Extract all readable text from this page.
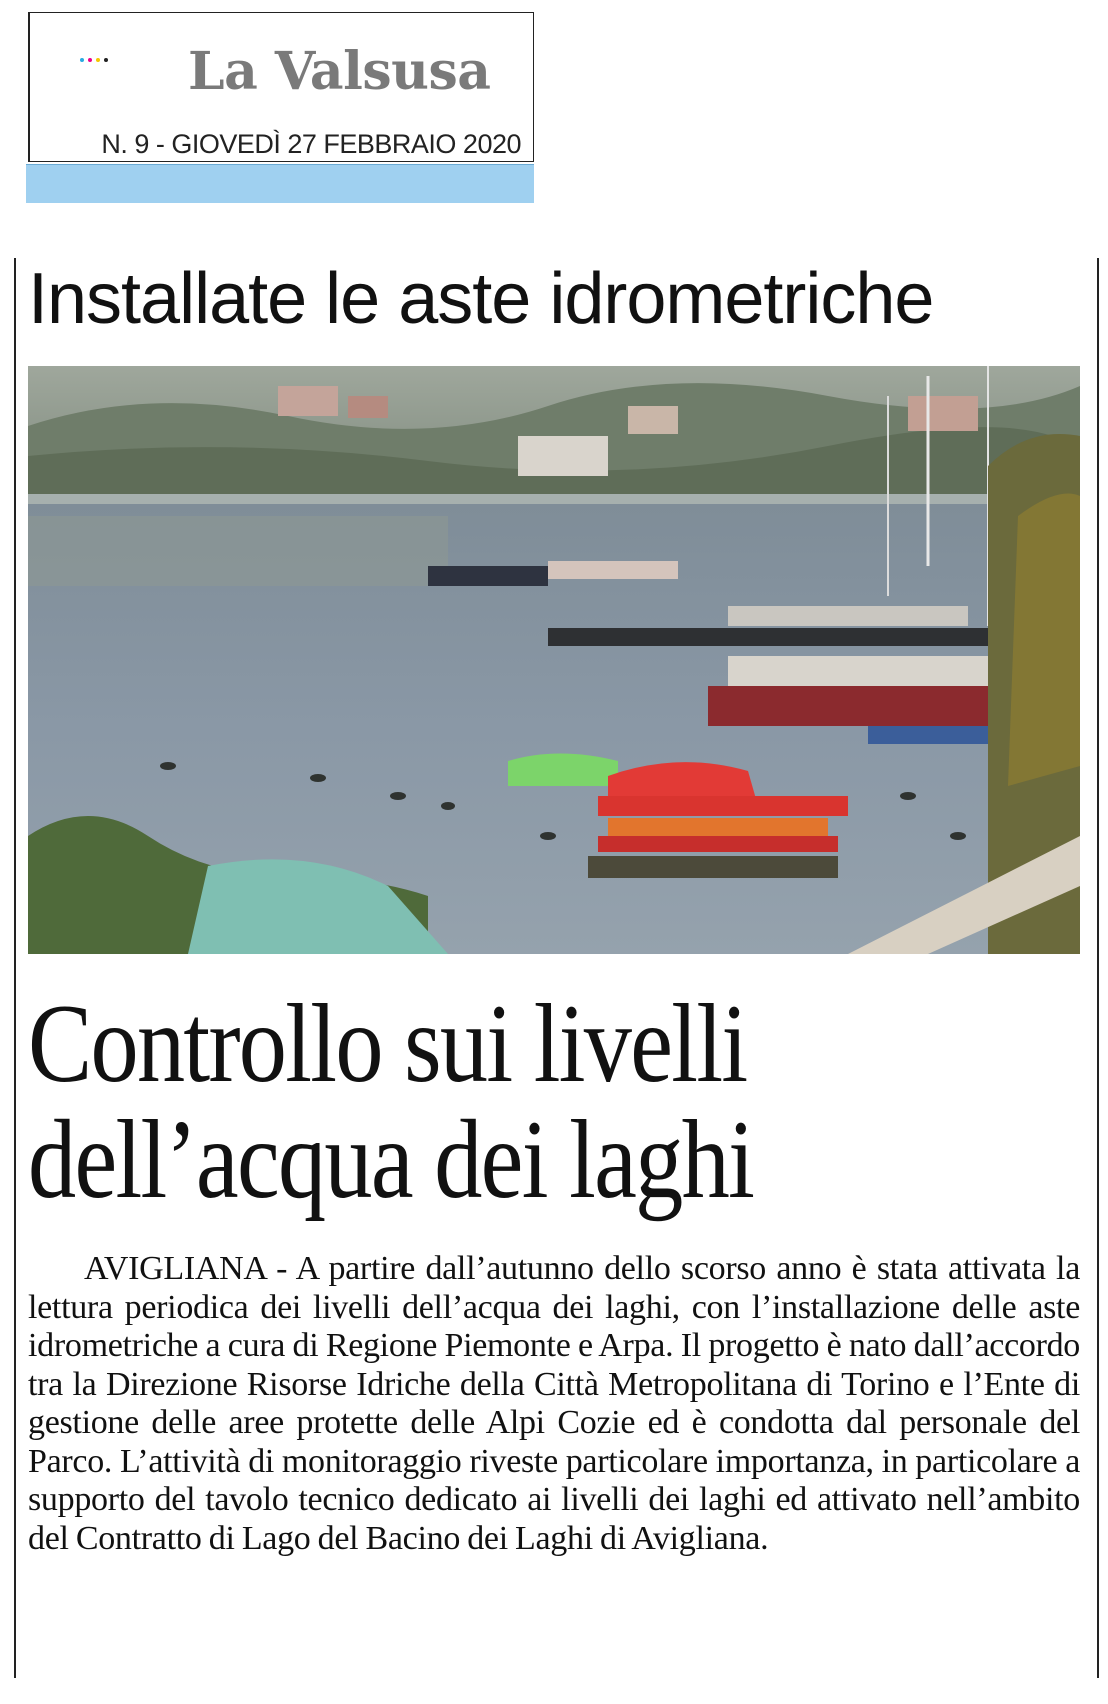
La Valsusa
N. 9 - GIOVEDÌ 27 FEBBRAIO 2020
Installate le aste idrometriche
Controllo sui livelli
dell’acqua dei laghi
AVIGLIANA - A partire dall’autunno dello scorso anno è stata attivata la lettura periodica dei livelli dell’acqua dei laghi, con l’installazione delle aste idrometriche a cura di Regione Piemonte e Arpa. Il progetto è nato dall’accordo tra la Direzione Risorse Idriche della Città Metropolitana di Torino e l’Ente di gestione delle aree protette delle Alpi Cozie ed è condotta dal personale del Parco. L’attività di monitoraggio riveste particolare importanza, in particolare a supporto del tavolo tecnico dedicato ai livelli dei laghi ed attivato nell’ambito del Contratto di Lago del Bacino dei Laghi di Avigliana.
